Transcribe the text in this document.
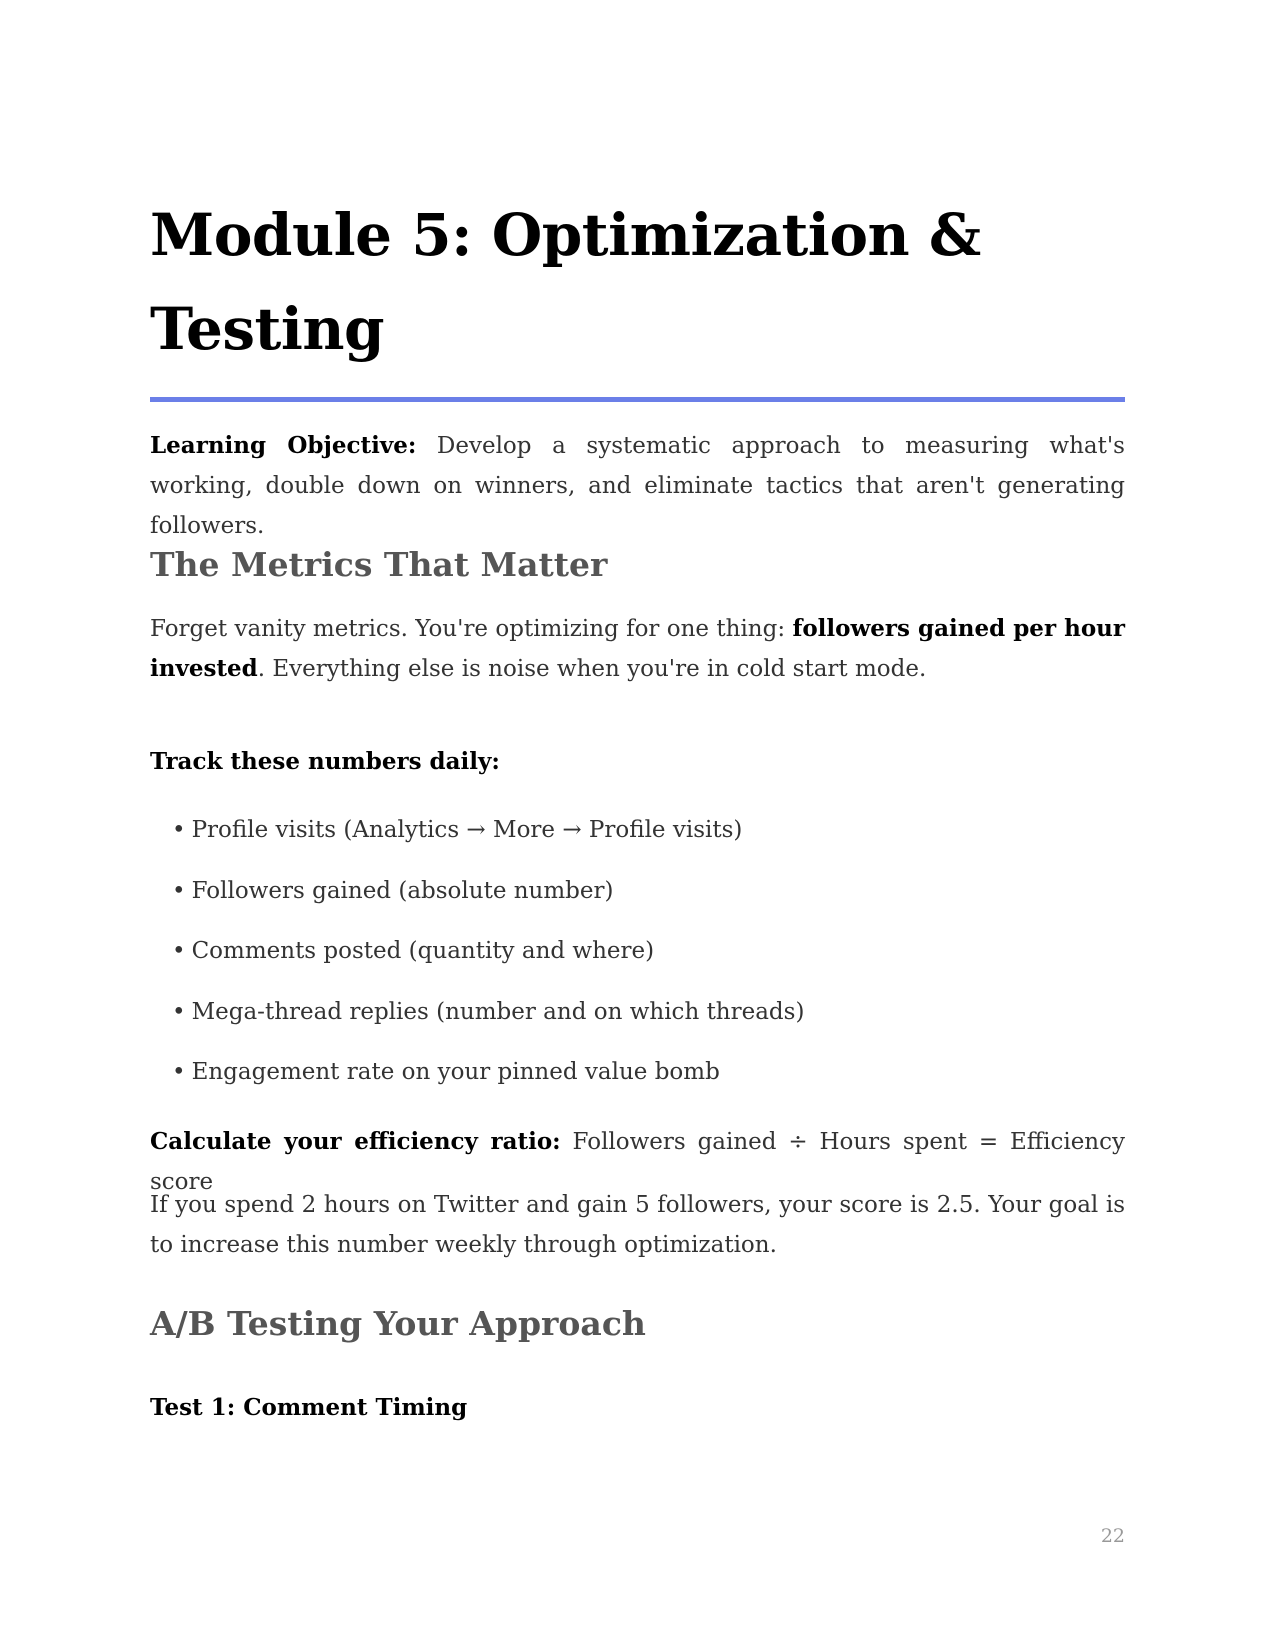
Module 5: Optimization & Testing

Learning Objective: Develop a systematic approach to measuring what's working, double down on winners, and eliminate tactics that aren't generating followers.

The Metrics That Matter

Forget vanity metrics. You're optimizing for one thing: followers gained per hour invested. Everything else is noise when you're in cold start mode.

Track these numbers daily:
• Profile visits (Analytics → More → Profile visits)
• Followers gained (absolute number)
• Comments posted (quantity and where)
• Mega-thread replies (number and on which threads)
• Engagement rate on your pinned value bomb

Calculate your efficiency ratio: Followers gained ÷ Hours spent = Efficiency score

If you spend 2 hours on Twitter and gain 5 followers, your score is 2.5. Your goal is to increase this number weekly through optimization.

A/B Testing Your Approach
Test 1: Comment Timing
22
